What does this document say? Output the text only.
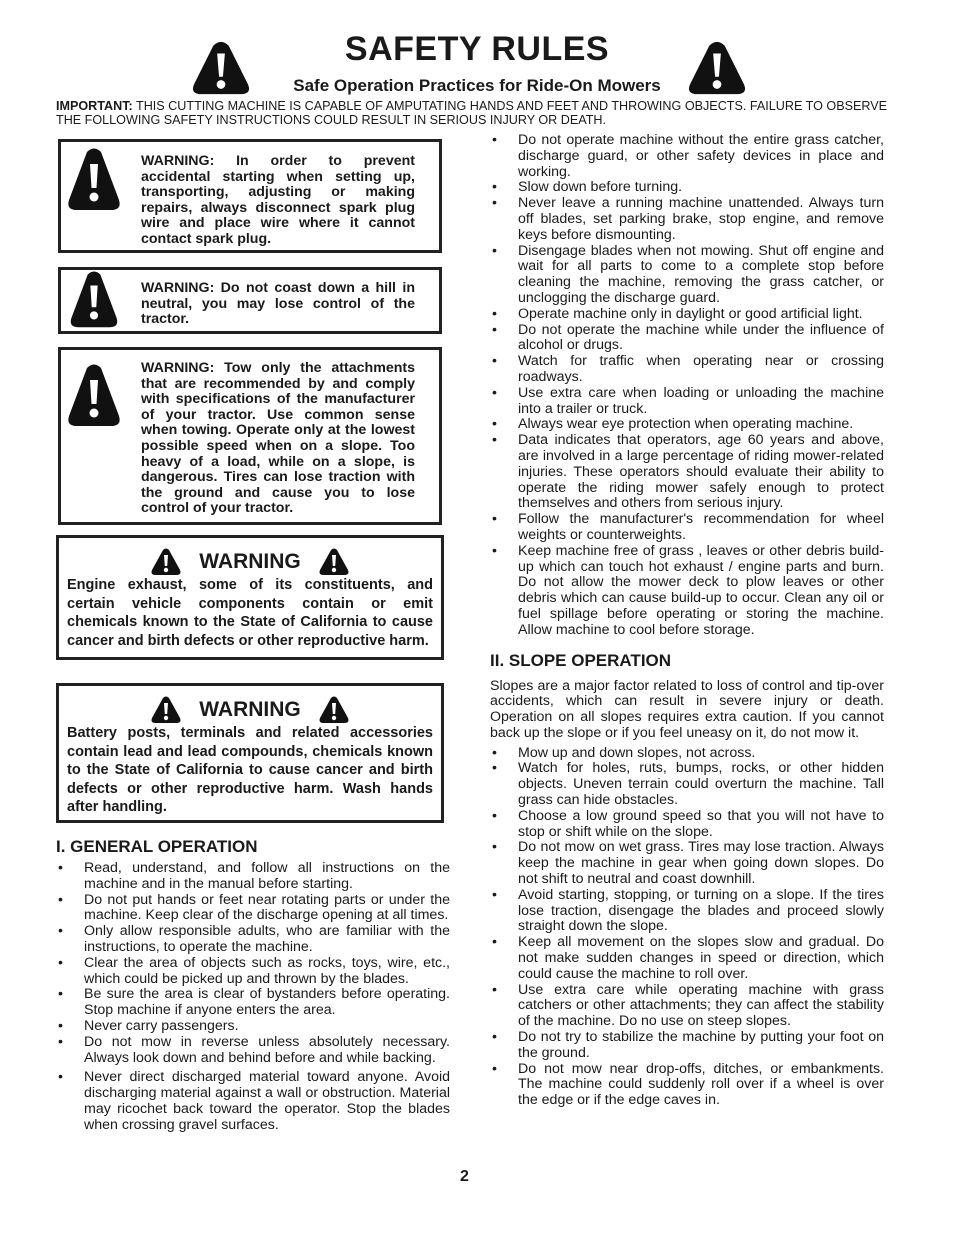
SAFETY RULES
Safe Operation Practices for Ride-On Mowers
IMPORTANT: THIS CUTTING MACHINE IS CAPABLE OF AMPUTATING HANDS AND FEET AND THROWING OBJECTS. FAILURE TO OBSERVE THE FOLLOWING SAFETY INSTRUCTIONS COULD RESULT IN SERIOUS INJURY OR DEATH.
WARNING: In order to prevent accidental starting when setting up, transporting, adjusting or making repairs, always disconnect spark plug wire and place wire where it cannot contact spark plug.
WARNING: Do not coast down a hill in neutral, you may lose control of the tractor.
WARNING: Tow only the attachments that are recommended by and comply with specifications of the manufacturer of your tractor. Use common sense when towing. Operate only at the lowest possible speed when on a slope. Too heavy of a load, while on a slope, is dangerous. Tires can lose traction with the ground and cause you to lose control of your tractor.
WARNING
Engine exhaust, some of its constituents, and certain vehicle components contain or emit chemicals known to the State of California to cause cancer and birth defects or other reproductive harm.
WARNING
Battery posts, terminals and related accessories contain lead and lead compounds, chemicals known to the State of California to cause cancer and birth defects or other reproductive harm. Wash hands after handling.
I. GENERAL OPERATION
• Read, understand, and follow all instructions on the machine and in the manual before starting.
• Do not put hands or feet near rotating parts or under the machine. Keep clear of the discharge opening at all times.
• Only allow responsible adults, who are familiar with the instructions, to operate the machine.
• Clear the area of objects such as rocks, toys, wire, etc., which could be picked up and thrown by the blades.
• Be sure the area is clear of bystanders before operating. Stop machine if anyone enters the area.
• Never carry passengers.
• Do not mow in reverse unless absolutely necessary. Always look down and behind before and while backing.
• Never direct discharged material toward anyone. Avoid discharging material against a wall or obstruction. Material may ricochet back toward the operator. Stop the blades when crossing gravel surfaces.
• Do not operate machine without the entire grass catcher, discharge guard, or other safety devices in place and working.
• Slow down before turning.
• Never leave a running machine unattended. Always turn off blades, set parking brake, stop engine, and remove keys before dismounting.
• Disengage blades when not mowing. Shut off engine and wait for all parts to come to a complete stop before cleaning the machine, removing the grass catcher, or unclogging the discharge guard.
• Operate machine only in daylight or good artificial light.
• Do not operate the machine while under the influence of alcohol or drugs.
• Watch for traffic when operating near or crossing roadways.
• Use extra care when loading or unloading the machine into a trailer or truck.
• Always wear eye protection when operating machine.
• Data indicates that operators, age 60 years and above, are involved in a large percentage of riding mower-related injuries. These operators should evaluate their ability to operate the riding mower safely enough to protect themselves and others from serious injury.
• Follow the manufacturer's recommendation for wheel weights or counterweights.
• Keep machine free of grass , leaves or other debris build-up which can touch hot exhaust / engine parts and burn. Do not allow the mower deck to plow leaves or other debris which can cause build-up to occur. Clean any oil or fuel spillage before operating or storing the machine. Allow machine to cool before storage.
II. SLOPE OPERATION

Slopes are a major factor related to loss of control and tip-over accidents, which can result in severe injury or death. Operation on all slopes requires extra caution. If you cannot back up the slope or if you feel uneasy on it, do not mow it.

• Mow up and down slopes, not across.
• Watch for holes, ruts, bumps, rocks, or other hidden objects. Uneven terrain could overturn the machine. Tall grass can hide obstacles.
• Choose a low ground speed so that you will not have to stop or shift while on the slope.
• Do not mow on wet grass. Tires may lose traction. Always keep the machine in gear when going down slopes. Do not shift to neutral and coast downhill.
• Avoid starting, stopping, or turning on a slope. If the tires lose traction, disengage the blades and proceed slowly straight down the slope.
• Keep all movement on the slopes slow and gradual. Do not make sudden changes in speed or direction, which could cause the machine to roll over.
• Use extra care while operating machine with grass catchers or other attachments; they can affect the stability of the machine. Do no use on steep slopes.
• Do not try to stabilize the machine by putting your foot on the ground.
• Do not mow near drop-offs, ditches, or embankments. The machine could suddenly roll over if a wheel is over the edge or if the edge caves in.
2
